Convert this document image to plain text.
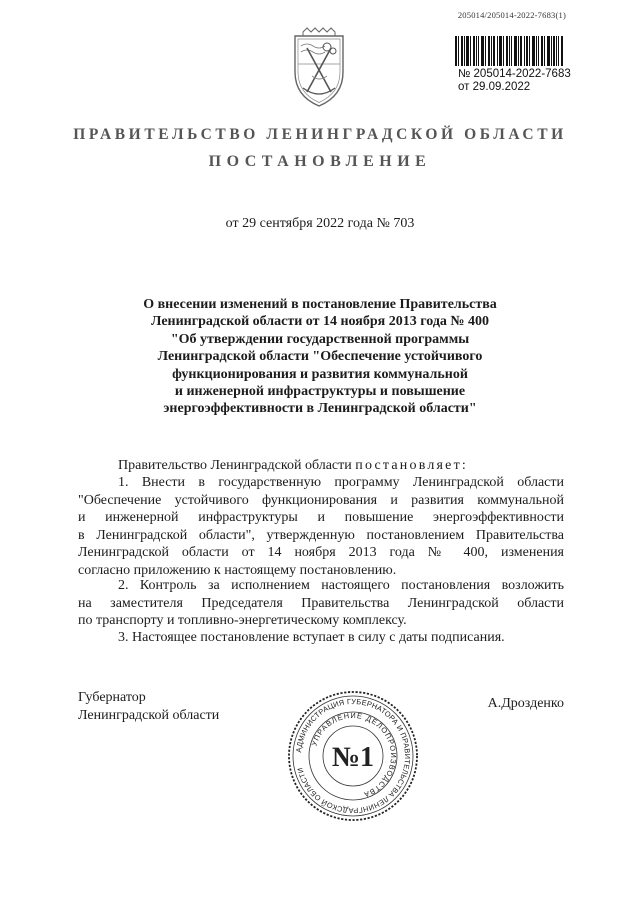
205014/205014-2022-7683(1)
№ 205014-2022-7683
от 29.09.2022
ПРАВИТЕЛЬСТВО ЛЕНИНГРАДСКОЙ ОБЛАСТИ
ПОСТАНОВЛЕНИЕ
от 29 сентября 2022 года № 703
О внесении изменений в постановление Правительства
Ленинградской области от 14 ноября 2013 года № 400
"Об утверждении государственной программы
Ленинградской области "Обеспечение устойчивого
функционирования и развития коммунальной
и инженерной инфраструктуры и повышение
энергоэффективности в Ленинградской области"
Правительство Ленинградской области постановляет:
1. Внести в государственную программу Ленинградской области
"Обеспечение устойчивого функционирования и развития коммунальной
и инженерной инфраструктуры и повышение энергоэффективности
в Ленинградской области", утвержденную постановлением Правительства
Ленинградской области от 14 ноября 2013 года № 400, изменения
согласно приложению к настоящему постановлению.
2. Контроль за исполнением настоящего постановления возложить
на заместителя Председателя Правительства Ленинградской области
по транспорту и топливно-энергетическому комплексу.
3. Настоящее постановление вступает в силу с даты подписания.
Губернатор
Ленинградской области
А.Дрозденко
АДМИНИСТРАЦИЯ ГУБЕРНАТОРА И ПРАВИТЕЛЬСТВА ЛЕНИНГРАДСКОЙ ОБЛАСТИ
УПРАВЛЕНИЕ ДЕЛОПРОИЗВОДСТВА
№1
